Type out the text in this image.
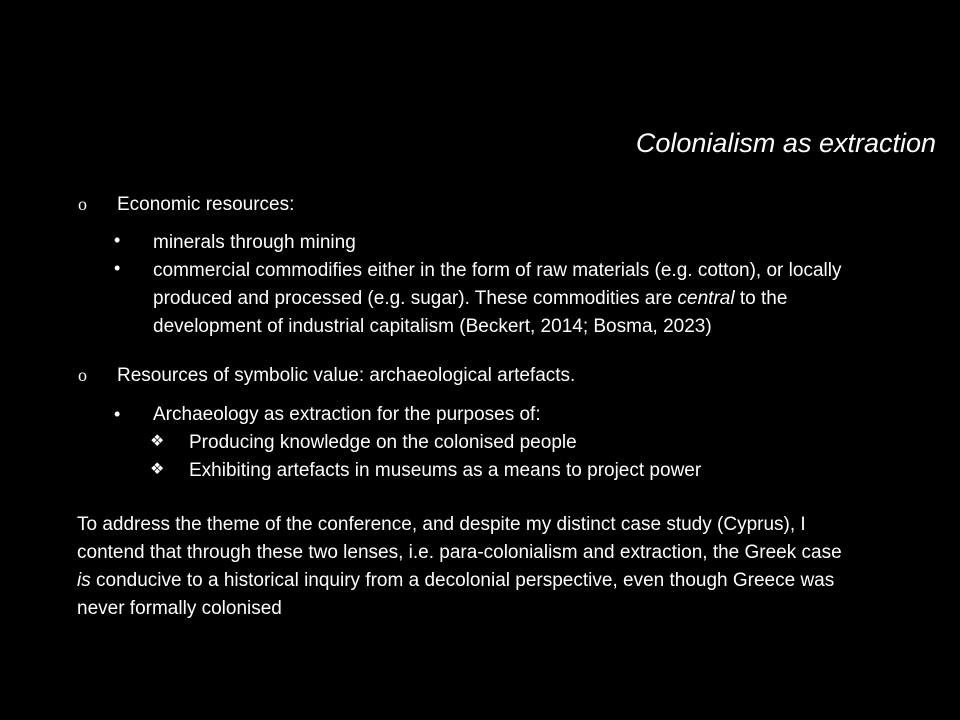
Colonialism as extraction
o Economic resources:
• minerals through mining
• commercial commodifies either in the form of raw materials (e.g. cotton), or locally
produced and processed (e.g. sugar). These commodities are central to the
development of industrial capitalism (Beckert, 2014; Bosma, 2023)
o Resources of symbolic value: archaeological artefacts.
• Archaeology as extraction for the purposes of:
❖ Producing knowledge on the colonised people
❖ Exhibiting artefacts in museums as a means to project power
To address the theme of the conference, and despite my distinct case study (Cyprus), I
contend that through these two lenses, i.e. para-colonialism and extraction, the Greek case
is conducive to a historical inquiry from a decolonial perspective, even though Greece was
never formally colonised
